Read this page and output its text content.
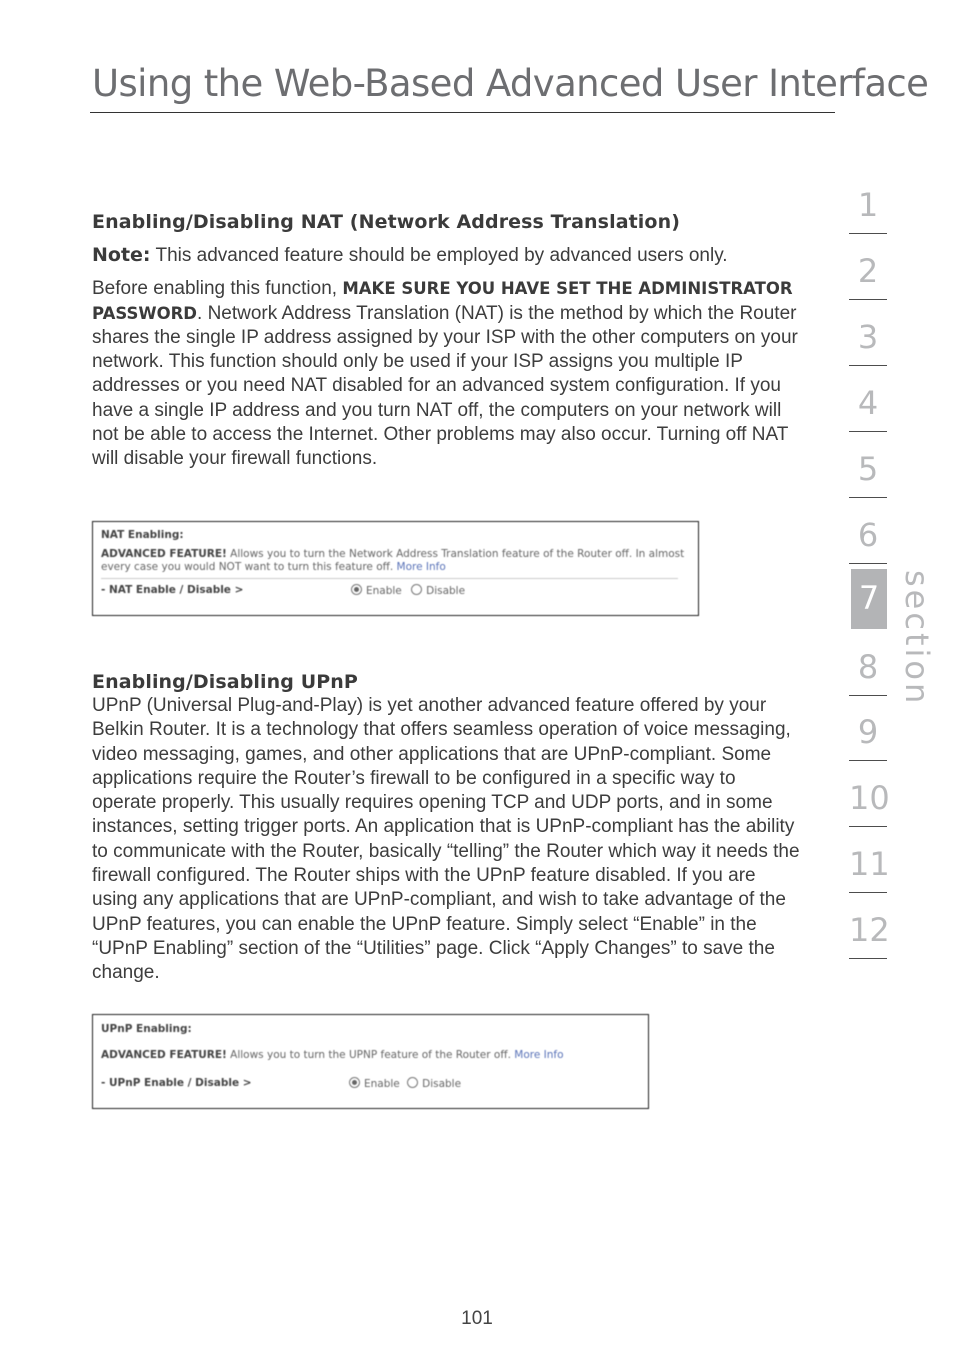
Using the Web-Based Advanced User Interface
Enabling/Disabling NAT (Network Address Translation)

Note: This advanced feature should be employed by advanced users only.

Before enabling this function, MAKE SURE YOU HAVE SET THE ADMINISTRATOR PASSWORD. Network Address Translation (NAT) is the method by which the Router shares the single IP address assigned by your ISP with the other computers on your network. This function should only be used if your ISP assigns you multiple IP addresses or you need NAT disabled for an advanced system configuration. If you have a single IP address and you turn NAT off, the computers on your network will not be able to access the Internet. Other problems may also occur. Turning off NAT will disable your firewall functions.

NAT Enabling:
ADVANCED FEATURE! Allows you to turn the Network Address Translation feature of the Router off. In almost every case you would NOT want to turn this feature off. More Info
- NAT Enable / Disable >	Enable Disable
Enabling/Disabling UPnP

UPnP (Universal Plug-and-Play) is yet another advanced feature offered by your Belkin Router. It is a technology that offers seamless operation of voice messaging, video messaging, games, and other applications that are UPnP-compliant. Some applications require the Router’s firewall to be configured in a specific way to operate properly. This usually requires opening TCP and UDP ports, and in some instances, setting trigger ports. An application that is UPnP-compliant has the ability to communicate with the Router, basically “telling” the Router which way it needs the firewall configured. The Router ships with the UPnP feature disabled. If you are using any applications that are UPnP-compliant, and wish to take advantage of the UPnP features, you can enable the UPnP feature. Simply select “Enable” in the “UPnP Enabling” section of the “Utilities” page. Click “Apply Changes” to save the change.

UPnP Enabling:
ADVANCED FEATURE! Allows you to turn the UPNP feature of the Router off. More Info
- UPnP Enable / Disable >	Enable Disable
1
2
3
4
5
6
7
8
9
10
11
12
section
101
